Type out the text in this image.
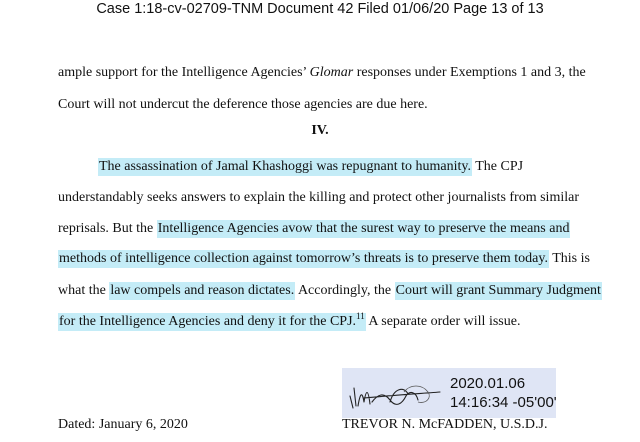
Case 1:18-cv-02709-TNM Document 42 Filed 01/06/20 Page 13 of 13
ample support for the Intelligence Agencies’ Glomar responses under Exemptions 1 and 3, the
Court will not undercut the deference those agencies are due here.
IV.
The assassination of Jamal Khashoggi was repugnant to humanity. The CPJ
understandably seeks answers to explain the killing and protect other journalists from similar
reprisals. But the Intelligence Agencies avow that the surest way to preserve the means and
methods of intelligence collection against tomorrow’s threats is to preserve them today. This is
what the law compels and reason dictates. Accordingly, the Court will grant Summary Judgment
for the Intelligence Agencies and deny it for the CPJ.$^{11}$ A separate order will issue.
2020.01.06
14:16:34 -05'00'
Dated: January 6, 2020	TREVOR N. McFADDEN, U.S.D.J.
